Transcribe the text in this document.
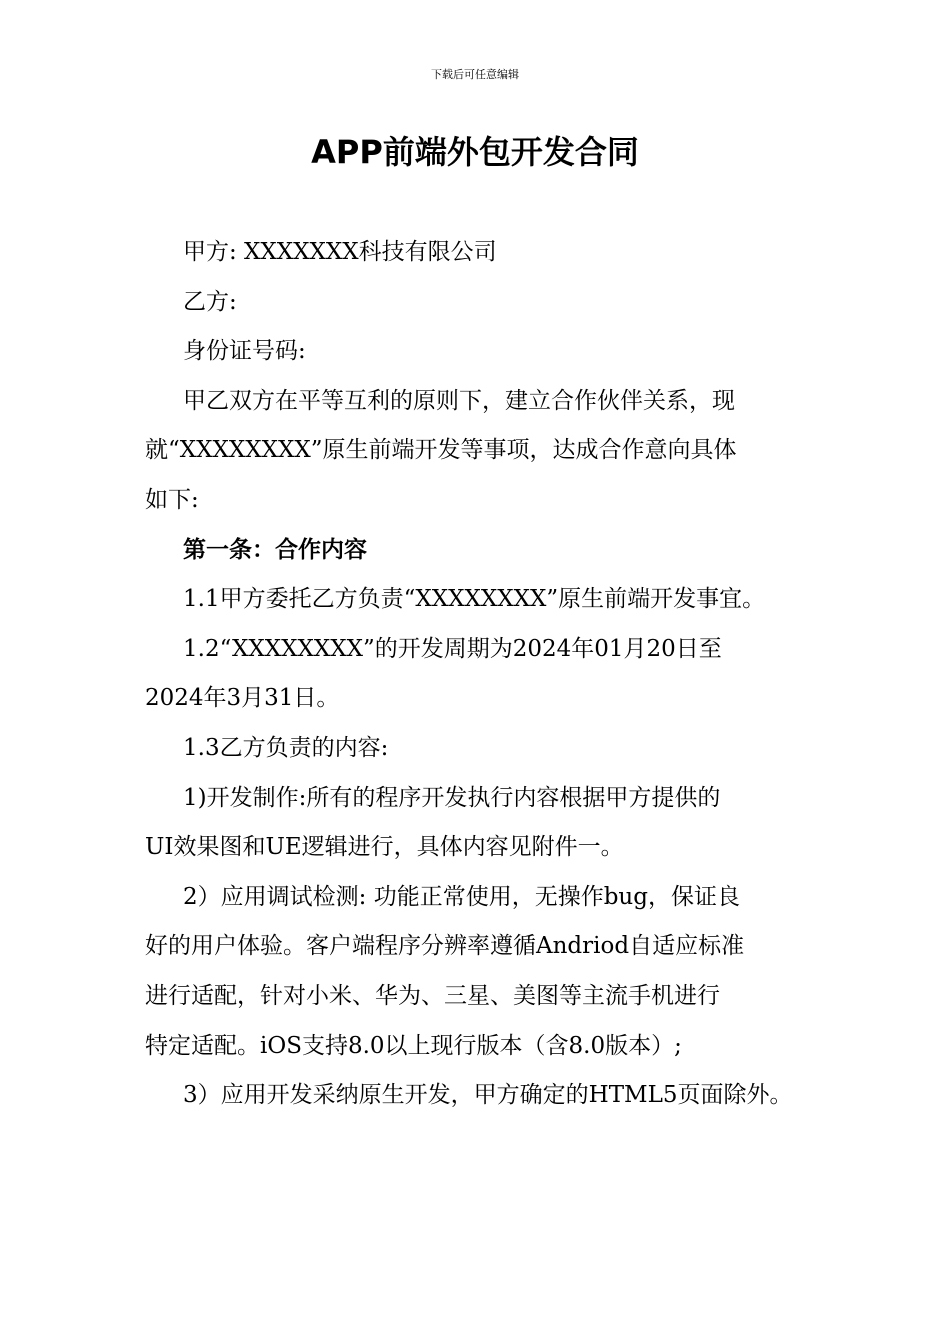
下载后可任意编辑
APP前端外包开发合同
甲方: XXXXXXX科技有限公司
乙方:
身份证号码:
甲乙双方在平等互利的原则下，建立合作伙伴关系，现
就“XXXXXXXX”原生前端开发等事项，达成合作意向具体
如下:
第一条：合作内容
1.1甲方委托乙方负责“XXXXXXXX”原生前端开发事宜。
1.2“XXXXXXXX”的开发周期为2024年01月20日至
2024年3月31日。
1.3乙方负责的内容:
1)开发制作:所有的程序开发执行内容根据甲方提供的
UI效果图和UE逻辑进行，具体内容见附件一。
2）应用调试检测: 功能正常使用，无操作bug，保证良
好的用户体验。客户端程序分辨率遵循Andriod自适应标准
进行适配，针对小米、华为、三星、美图等主流手机进行
特定适配。iOS支持8.0以上现行版本（含8.0版本）;
3）应用开发采纳原生开发，甲方确定的HTML5页面除外。
